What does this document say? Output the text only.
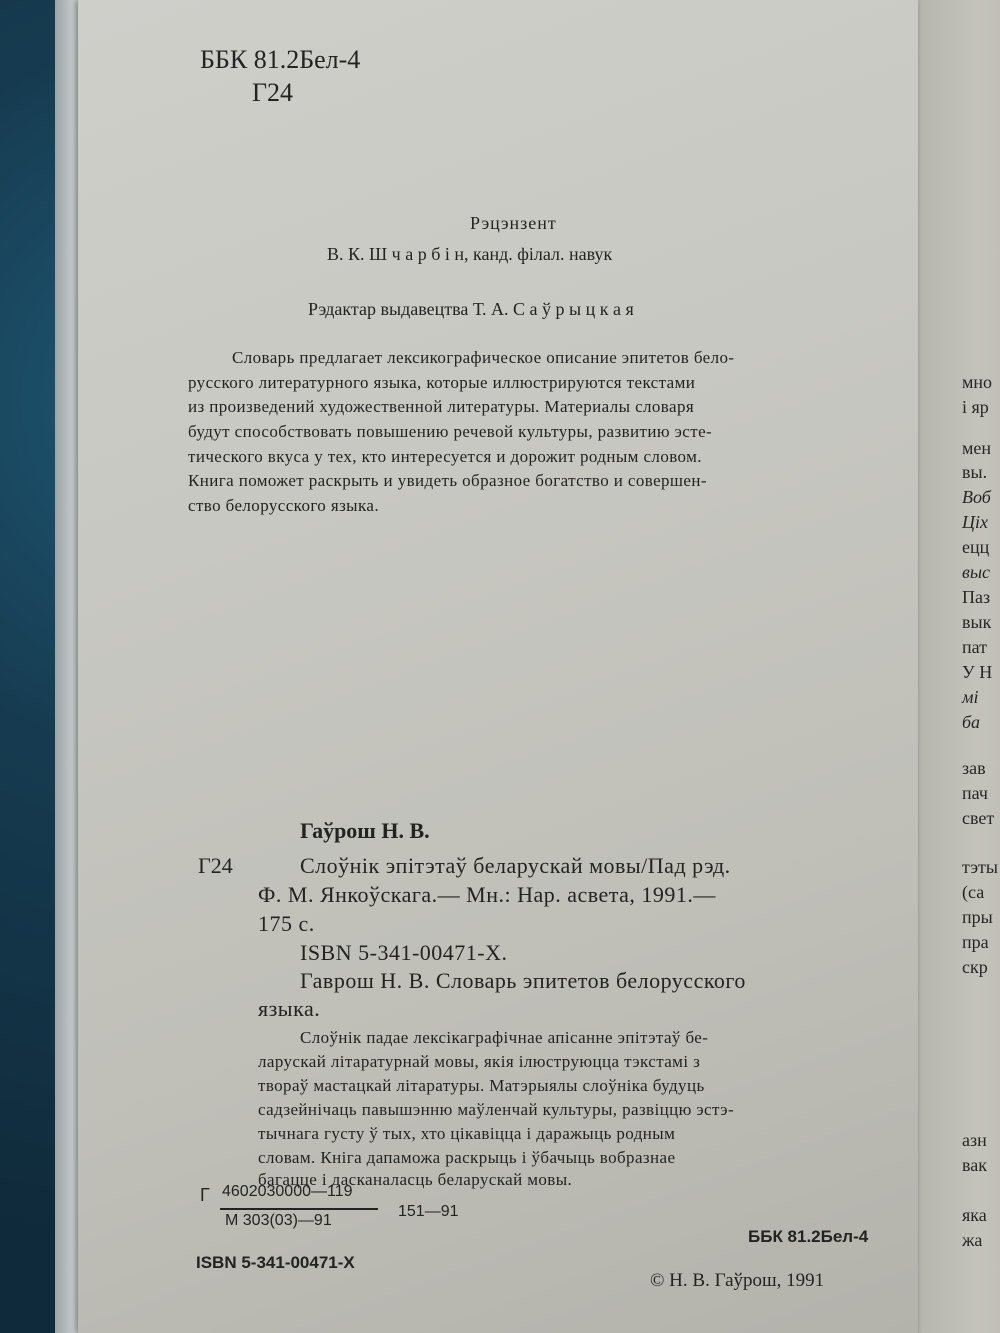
мно
і яр
мен
вы.
Воб
Ціх
ецц
выс
Паз
вык
пат
У Н
мі
ба
зав
пач
свет
тэты
(са
пры
пра
скр
азн
вак
яка
жа
ББК 81.2Бел-4
Г24
Рэцэнзент
В. К. Ш ч а р б і н, канд. філал. навук
Рэдактар выдавецтва Т. А. С а ў р ы ц к а я
Словарь предлагает лексикографическое описание эпитетов бело-
русского литературного языка, которые иллюстрируются текстами
из произведений художественной литературы. Материалы словаря
будут способствовать повышению речевой культуры, развитию эсте-
тического вкуса у тех, кто интересуется и дорожит родным словом.
Книга поможет раскрыть и увидеть образное богатство и совершен-
ство белорусского языка.
Гаўрош Н. В.
Г24	Слоўнік эпітэтаў беларускай мовы/Пад рэд.
Ф. М. Янкоўскага.— Мн.: Нар. асвета, 1991.—
175 с.
ISBN 5-341-00471-X.
Гаврош Н. В. Словарь эпитетов белорусского
языка.
Слоўнік падае лексікаграфічнае апісанне эпітэтаў бе-
ларускай літаратурнай мовы, якія ілюструюцца тэкстамі з
твораў мастацкай літаратуры. Матэрыялы слоўніка будуць
садзейнічаць павышэнню маўленчай культуры, развіццю эстэ-
тычнага густу ў тых, хто цікавіцца і даражыць родным
словам. Кніга дапаможа раскрыць і ўбачыць вобразнае
багацце і дасканаласць беларускай мовы.
Г 4602030000—119
М 303(03)—91
151—91
ББК 81.2Бел-4
ISBN 5-341-00471-X
© Н. В. Гаўрош, 1991
